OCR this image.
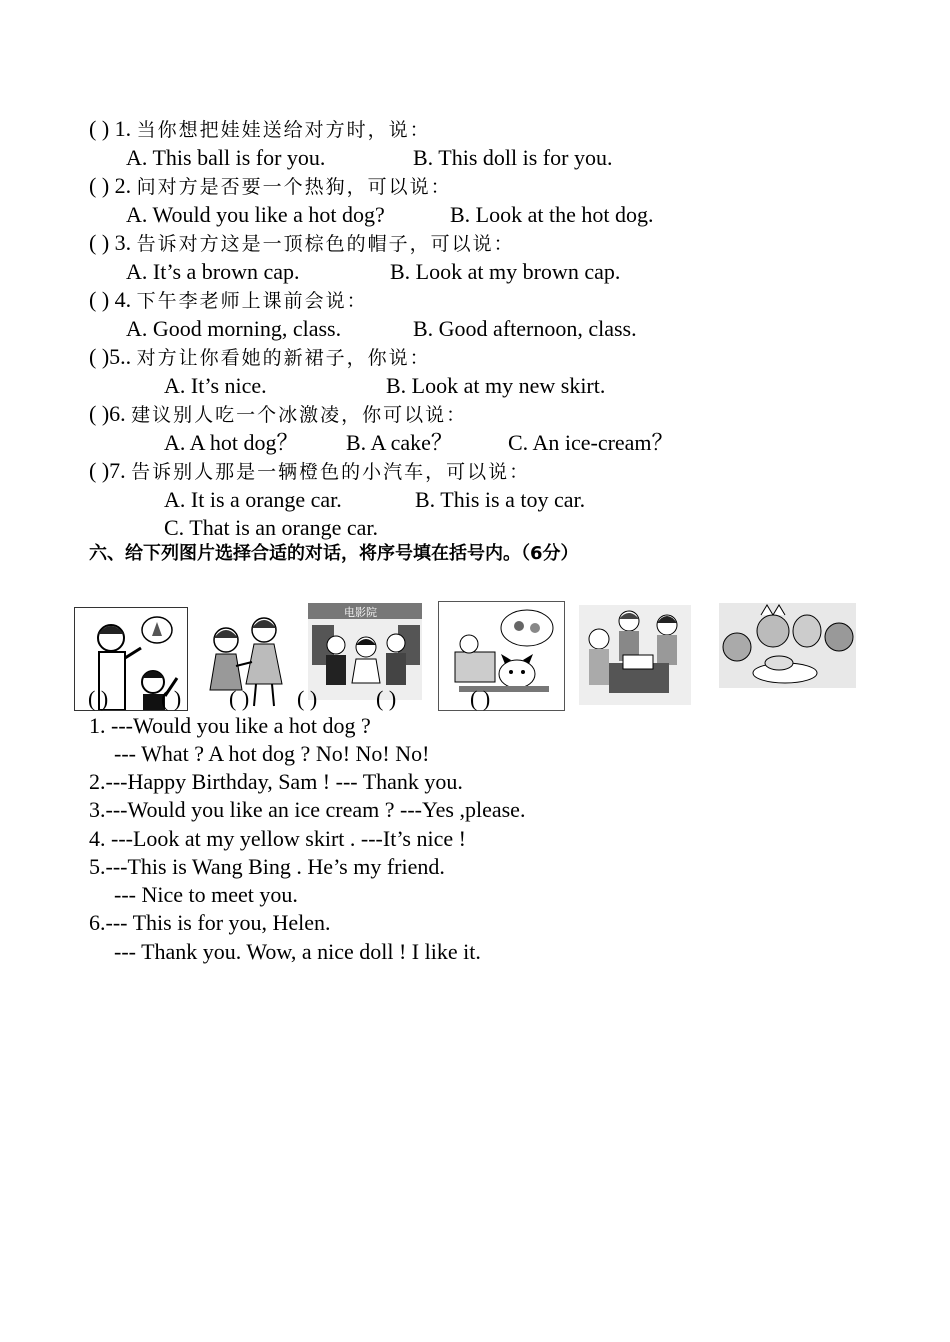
( ) 1. 当你想把娃娃送给对方时，说：
A. This ball is for you.	B. This doll is for you.
( ) 2. 问对方是否要一个热狗，可以说：
A. Would you like a hot dog?	B. Look at the hot dog.
( ) 3. 告诉对方这是一顶棕色的帽子，可以说：
A. It’s a brown cap.	B. Look at my brown cap.
( ) 4. 下午李老师上课前会说：
A. Good morning, class.	B. Good afternoon, class.
( )5.. 对方让你看她的新裙子，你说：
A. It’s nice.	B. Look at my new skirt.
( )6. 建议别人吃一个冰激凌，你可以说：
A. A hot dog？ B. A cake？	C. An ice-cream？
( )7. 告诉别人那是一辆橙色的小汽车，可以说：
A. It is a orange car.	B. This is a toy car.
C. That is an orange car.
六、给下列图片选择合适的对话，将序号填在括号内。（6分）
电影院
( ) ( ) ( ) ( )	( )	( )
1. ---Would you like a hot dog ?
--- What ? A hot dog ? No! No! No!
2.---Happy Birthday, Sam ! --- Thank you.
3.---Would you like an ice cream ? ---Yes ,please.
4. ---Look at my yellow skirt . ---It’s nice !
5.---This is Wang Bing . He’s my friend.
--- Nice to meet you.
6.--- This is for you, Helen.
--- Thank you. Wow, a nice doll ! I like it.
